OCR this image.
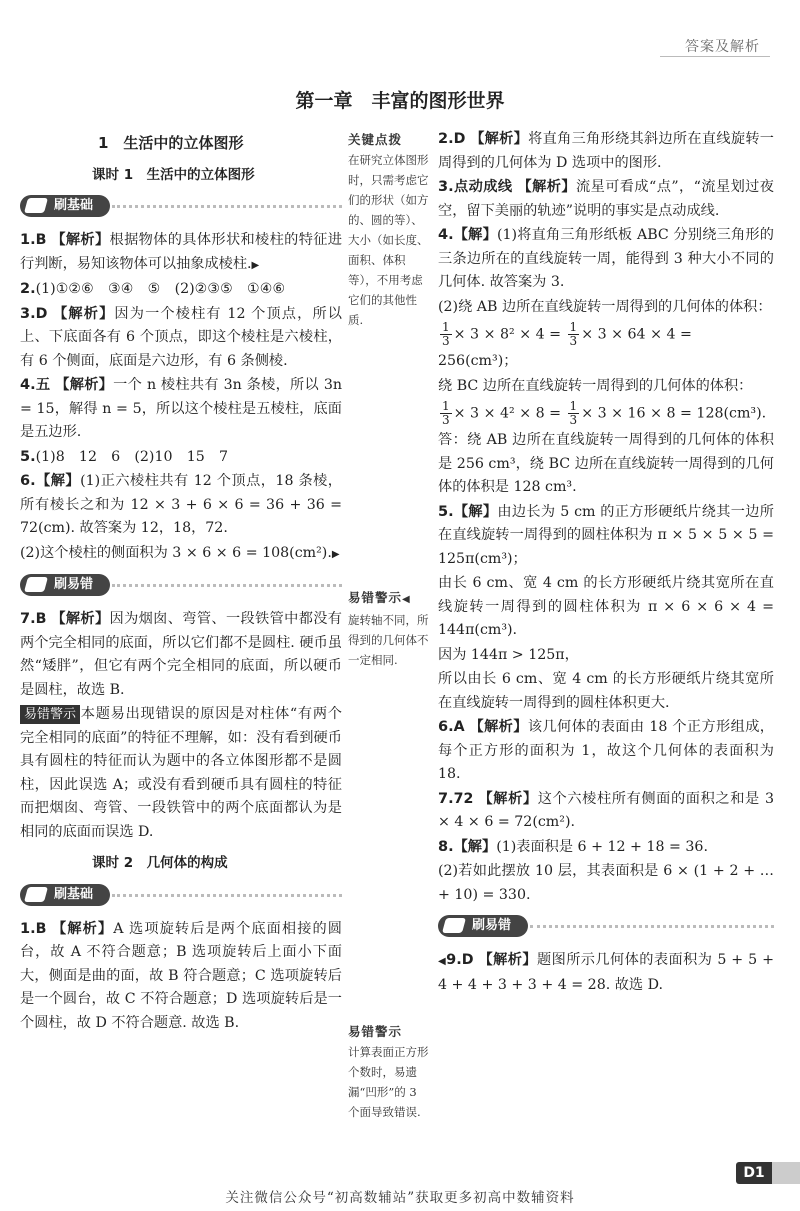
答案及解析
第一章　丰富的图形世界
1　生活中的立体图形
课时 1　生活中的立体图形
刷基础
1.B 【解析】根据物体的具体形状和棱柱的特征进行判断，易知该物体可以抽象成棱柱.▶
2.(1)①②⑥　③④　⑤　(2)②③⑤　①④⑥
3.D 【解析】因为一个棱柱有 12 个顶点，所以上、下底面各有 6 个顶点，即这个棱柱是六棱柱，有 6 个侧面，底面是六边形，有 6 条侧棱.
4.五 【解析】一个 n 棱柱共有 3n 条棱，所以 3n = 15，解得 n = 5，所以这个棱柱是五棱柱，底面是五边形.
5.(1)8　12　6　(2)10　15　7
6.【解】(1)正六棱柱共有 12 个顶点，18 条棱，所有棱长之和为 12 × 3 + 6 × 6 = 36 + 36 = 72(cm). 故答案为 12，18，72.
(2)这个棱柱的侧面积为 3 × 6 × 6 = 108(cm²).▶
刷易错
7.B 【解析】因为烟囱、弯管、一段铁管中都没有两个完全相同的底面，所以它们都不是圆柱. 硬币虽然“矮胖”，但它有两个完全相同的底面，所以硬币是圆柱，故选 B.
易错警示 本题易出现错误的原因是对柱体“有两个完全相同的底面”的特征不理解，如：没有看到硬币具有圆柱的特征而认为题中的各立体图形都不是圆柱，因此误选 A；或没有看到硬币具有圆柱的特征而把烟囱、弯管、一段铁管中的两个底面都认为是相同的底面而误选 D.
课时 2　几何体的构成
刷基础
1.B 【解析】A 选项旋转后是两个底面相接的圆台，故 A 不符合题意；B 选项旋转后上面小下面大，侧面是曲的面，故 B 符合题意；C 选项旋转后是一个圆台，故 C 不符合题意；D 选项旋转后是一个圆柱，故 D 不符合题意. 故选 B.
关键点拨
在研究立体图形时，只需考虑它们的形状（如方的、圆的等）、大小（如长度、面积、体积等），不用考虑它们的其他性质.
易错警示◀
旋转轴不同，所得到的几何体不一定相同.
易错警示
计算表面正方形个数时，易遗漏“凹形”的 3 个面导致错误.
2.D 【解析】将直角三角形绕其斜边所在直线旋转一周得到的几何体为 D 选项中的图形.
3.点动成线 【解析】流星可看成“点”，“流星划过夜空，留下美丽的轨迹”说明的事实是点动成线.
4.【解】(1)将直角三角形纸板 ABC 分别绕三角形的三条边所在的直线旋转一周，能得到 3 种大小不同的几何体. 故答案为 3.
(2)绕 AB 边所在直线旋转一周得到的几何体的体积：
$\frac{1}{3} \times 3 \times 8^2 \times 4 = \frac{1}{3} \times 3 \times 64 \times 4$ =
256(cm³)；
绕 BC 边所在直线旋转一周得到的几何体的体积：
$\frac{1}{3} \times 3 \times 4^2 \times 8 = \frac{1}{3} \times 3 \times 16 \times 8 = 128(cm^3)$.
答：绕 AB 边所在直线旋转一周得到的几何体的体积是 256 cm³，绕 BC 边所在直线旋转一周得到的几何体的体积是 128 cm³.
5.【解】由边长为 5 cm 的正方形硬纸片绕其一边所在直线旋转一周得到的圆柱体积为 π × 5 × 5 × 5 = 125π(cm³)；
由长 6 cm、宽 4 cm 的长方形硬纸片绕其宽所在直线旋转一周得到的圆柱体积为 π × 6 × 6 × 4 = 144π(cm³).
因为 144π > 125π，
所以由长 6 cm、宽 4 cm 的长方形硬纸片绕其宽所在直线旋转一周得到的圆柱体积更大.
6.A 【解析】该几何体的表面由 18 个正方形组成，每个正方形的面积为 1，故这个几何体的表面积为 18.
7.72 【解析】这个六棱柱所有侧面的面积之和是 3 × 4 × 6 = 72(cm²).
8.【解】(1)表面积是 6 + 12 + 18 = 36.
(2)若如此摆放 10 层，其表面积是 6 × (1 + 2 + … + 10) = 330.
刷易错
◀9.D 【解析】题图所示几何体的表面积为 5 + 5 + 4 + 4 + 3 + 3 + 4 = 28. 故选 D.
D1
关注微信公众号“初高数辅站”获取更多初高中数辅资料
